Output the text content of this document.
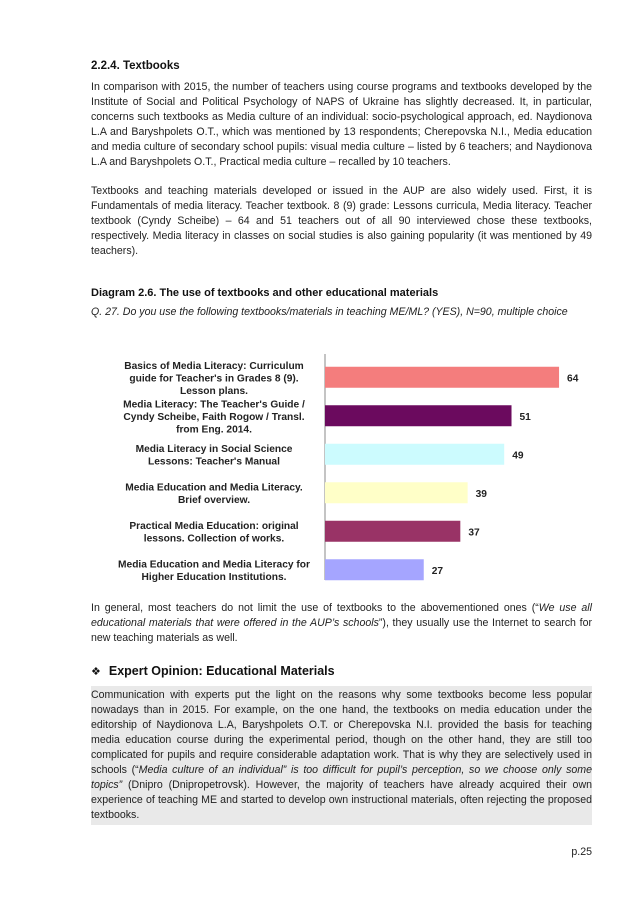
2.2.4. Textbooks

In comparison with 2015, the number of teachers using course programs and textbooks developed by the Institute of Social and Political Psychology of NAPS of Ukraine has slightly decreased. It, in particular, concerns such textbooks as Media culture of an individual: socio-psychological approach, ed. Naydionova L.A and Baryshpolets O.T., which was mentioned by 13 respondents; Cherepovska N.I., Media education and media culture of secondary school pupils: visual media culture – listed by 6 teachers; and Naydionova L.A and Baryshpolets O.T., Practical media culture – recalled by 10 teachers.

Textbooks and teaching materials developed or issued in the AUP are also widely used. First, it is Fundamentals of media literacy. Teacher textbook. 8 (9) grade: Lessons curricula, Media literacy. Teacher textbook (Cyndy Scheibe) – 64 and 51 teachers out of all 90 interviewed chose these textbooks, respectively. Media literacy in classes on social studies is also gaining popularity (it was mentioned by 49 teachers).

Diagram 2.6. The use of textbooks and other educational materials

Q. 27. Do you use the following textbooks/materials in teaching ME/ML? (YES), N=90, multiple choice

64
Basics of Media Literacy: Curriculum guide for Teacher's in Grades 8 (9). Lesson plans.
51
Media Literacy: The Teacher's Guide / Cyndy Scheibe, Faith Rogow / Transl. from Eng. 2014.
49
Media Literacy in Social Science Lessons: Teacher's Manual
39
Media Education and Media Literacy. Brief overview.
37
Practical Media Education: original lessons. Collection of works.
27
Media Education and Media Literacy for Higher Education Institutions.

In general, most teachers do not limit the use of textbooks to the abovementioned ones (“We use all educational materials that were offered in the AUP’s schools”), they usually use the Internet to search for new teaching materials as well.

❖ Expert Opinion: Educational Materials

Communication with experts put the light on the reasons why some textbooks become less popular nowadays than in 2015. For example, on the one hand, the textbooks on media education under the editorship of Naydionova L.A, Baryshpolets O.T. or Cherepovska N.I. provided the basis for teaching media education course during the experimental period, though on the other hand, they are still too complicated for pupils and require considerable adaptation work. That is why they are selectively used in schools (“Media culture of an individual” is too difficult for pupil’s perception, so we choose only some topics” (Dnipro (Dnipropetrovsk). However, the majority of teachers have already acquired their own experience of teaching ME and started to develop own instructional materials, often rejecting the proposed textbooks.

p.25
